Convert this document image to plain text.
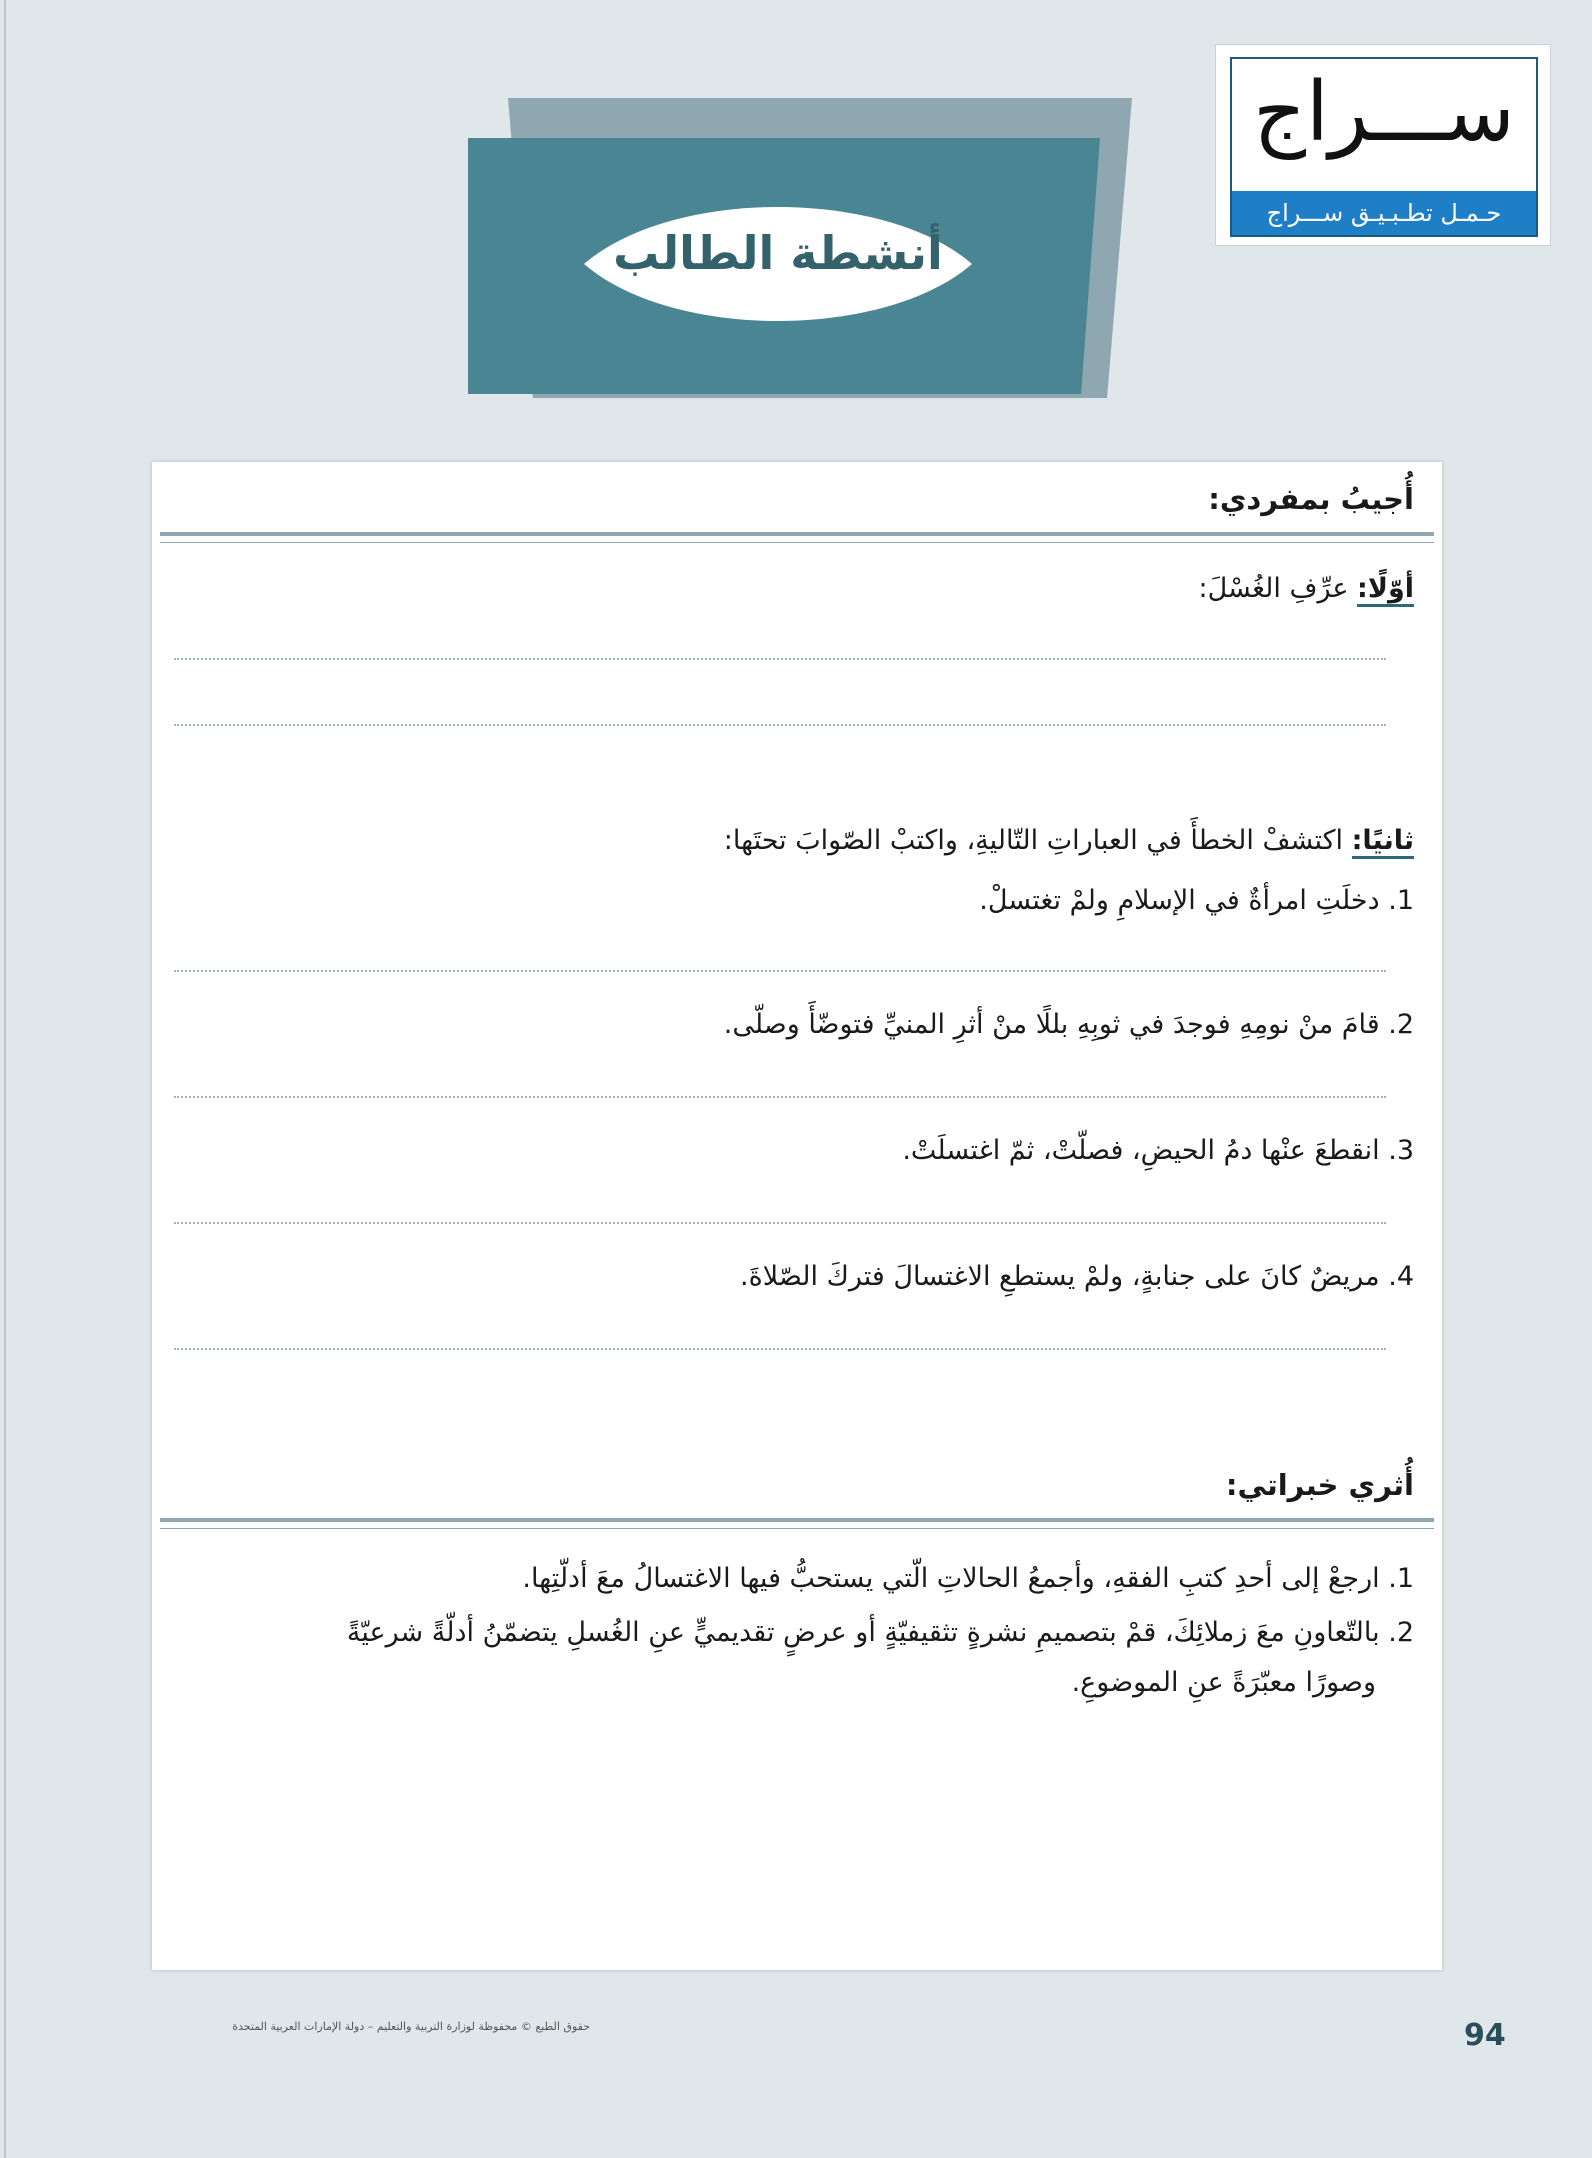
أنشطة الطالب
ســـراج
حـمـل تطـبـيـق ســـراج
أُجيبُ بمفردي:
أوّلًا: عرِّفِ الغُسْلَ:
ثانيًا: اكتشفْ الخطأَ في العباراتِ التّاليةِ، واكتبْ الصّوابَ تحتَها:
1. دخلَتِ امرأةٌ في الإسلامِ ولمْ تغتسلْ.
2. قامَ منْ نومِهِ فوجدَ في ثوبِهِ بللًا منْ أثرِ المنيِّ فتوضّأَ وصلّى.
3. انقطعَ عنْها دمُ الحيضِ، فصلّتْ، ثمّ اغتسلَتْ.
4. مريضٌ كانَ على جنابةٍ، ولمْ يستطعِ الاغتسالَ فتركَ الصّلاةَ.
أُثري خبراتي:
1. ارجعْ إلى أحدِ كتبِ الفقهِ، وأجمعُ الحالاتِ الّتي يستحبُّ فيها الاغتسالُ معَ أدلّتِها.
2. بالتّعاونِ معَ زملائِكَ، قمْ بتصميمِ نشرةٍ تثقيفيّةٍ أو عرضٍ تقديميٍّ عنِ الغُسلِ يتضمّنُ أدلّةً شرعيّةً
وصورًا معبّرَةً عنِ الموضوعِ.
حقوق الطبع © محفوظة لوزارة التربية والتعليم – دولة الإمارات العربية المتحدة	94
